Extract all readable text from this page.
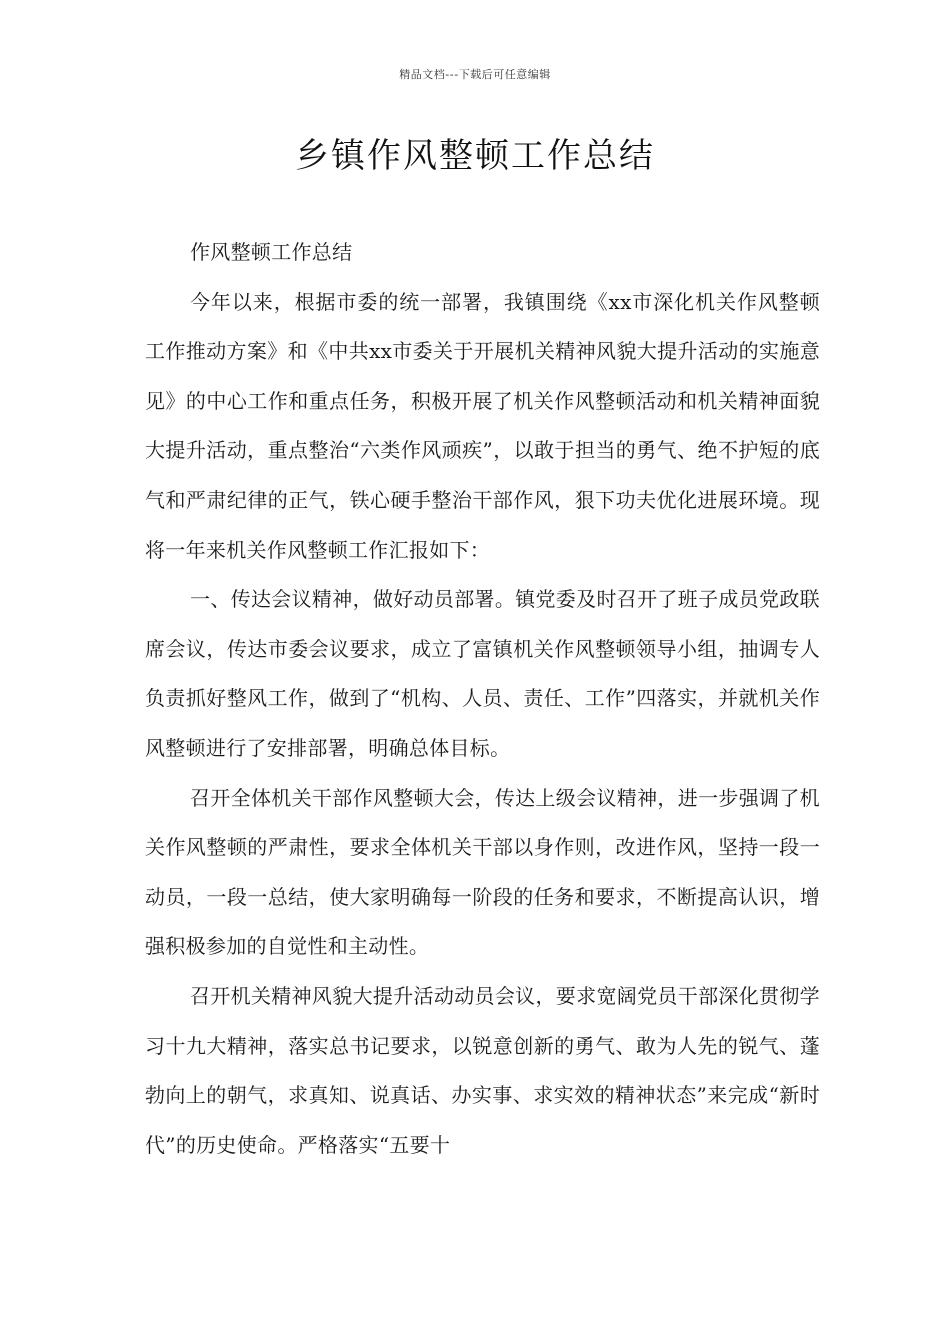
精品文档---下载后可任意编辑
乡镇作风整顿工作总结

作风整顿工作总结

今年以来，根据市委的统一部署，我镇围绕《xx市深化机关作风整顿工作推动方案》和《中共xx市委关于开展机关精神风貌大提升活动的实施意见》的中心工作和重点任务，积极开展了机关作风整顿活动和机关精神面貌大提升活动，重点整治“六类作风顽疾”，以敢于担当的勇气、绝不护短的底气和严肃纪律的正气，铁心硬手整治干部作风，狠下功夫优化进展环境。现将一年来机关作风整顿工作汇报如下：

一、传达会议精神，做好动员部署。镇党委及时召开了班子成员党政联席会议，传达市委会议要求，成立了富镇机关作风整顿领导小组，抽调专人负责抓好整风工作，做到了“机构、人员、责任、工作”四落实，并就机关作风整顿进行了安排部署，明确总体目标。

召开全体机关干部作风整顿大会，传达上级会议精神，进一步强调了机关作风整顿的严肃性，要求全体机关干部以身作则，改进作风，坚持一段一动员，一段一总结，使大家明确每一阶段的任务和要求，不断提高认识，增强积极参加的自觉性和主动性。

召开机关精神风貌大提升活动动员会议，要求宽阔党员干部深化贯彻学习十九大精神，落实总书记要求，以锐意创新的勇气、敢为人先的锐气、蓬勃向上的朝气，求真知、说真话、办实事、求实效的精神状态”来完成“新时代”的历史使命。严格落实“五要十
